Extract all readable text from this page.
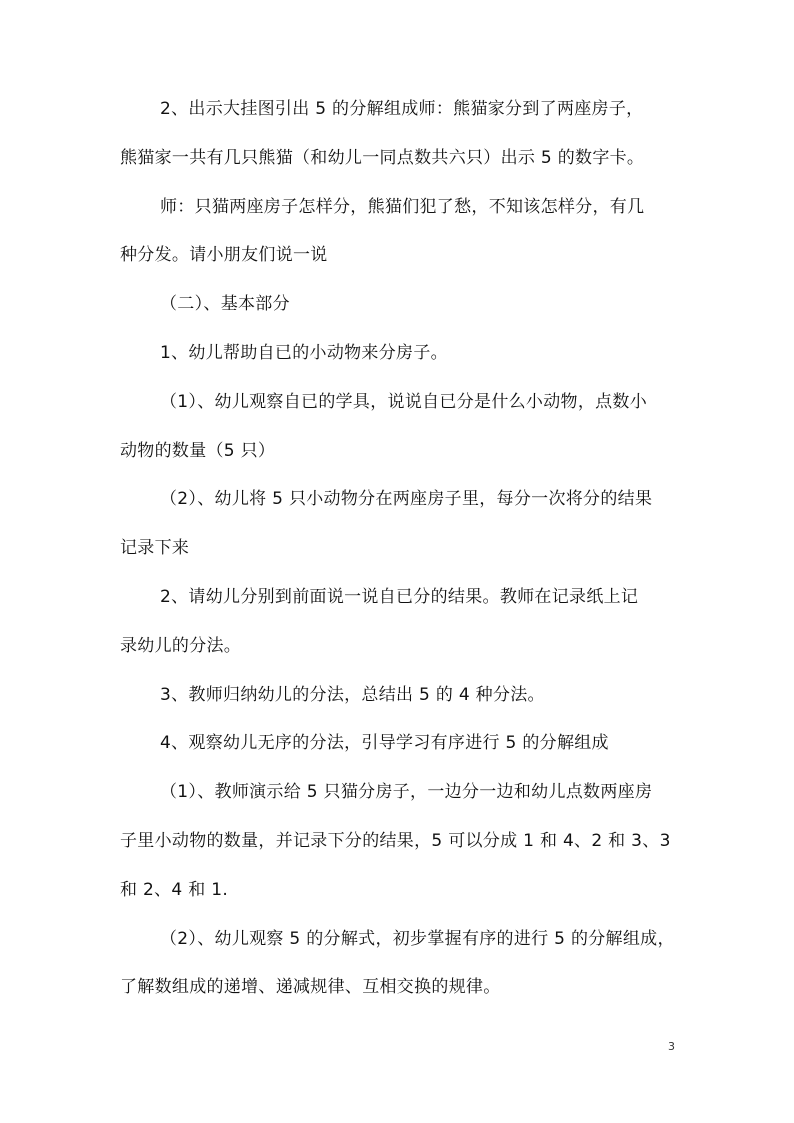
2、出示大挂图引出 5 的分解组成师：熊猫家分到了两座房子，
熊猫家一共有几只熊猫（和幼儿一同点数共六只）出示 5 的数字卡。
师：只猫两座房子怎样分，熊猫们犯了愁，不知该怎样分，有几
种分发。请小朋友们说一说
（二）、基本部分
1、幼儿帮助自已的小动物来分房子。
（1）、幼儿观察自已的学具，说说自已分是什么小动物，点数小
动物的数量（5 只）
（2）、幼儿将 5 只小动物分在两座房子里，每分一次将分的结果
记录下来
2、请幼儿分别到前面说一说自已分的结果。教师在记录纸上记
录幼儿的分法。
3、教师归纳幼儿的分法，总结出 5 的 4 种分法。
4、观察幼儿无序的分法，引导学习有序进行 5 的分解组成
（1）、教师演示给 5 只猫分房子，一边分一边和幼儿点数两座房
子里小动物的数量，并记录下分的结果，5 可以分成 1 和 4、2 和 3、3
和 2、4 和 1.
（2）、幼儿观察 5 的分解式，初步掌握有序的进行 5 的分解组成，
了解数组成的递增、递减规律、互相交换的规律。
3
